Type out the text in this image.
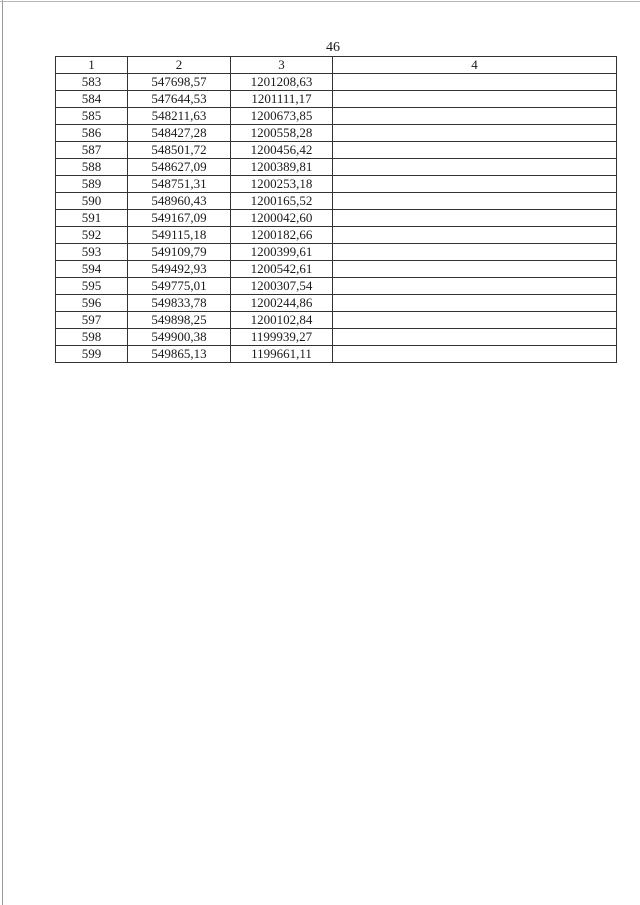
46
1	2	3	4
583	547698,57	1201208,63	
584	547644,53	1201111,17	
585	548211,63	1200673,85	
586	548427,28	1200558,28	
587	548501,72	1200456,42	
588	548627,09	1200389,81	
589	548751,31	1200253,18	
590	548960,43	1200165,52	
591	549167,09	1200042,60	
592	549115,18	1200182,66	
593	549109,79	1200399,61	
594	549492,93	1200542,61	
595	549775,01	1200307,54	
596	549833,78	1200244,86	
597	549898,25	1200102,84	
598	549900,38	1199939,27	
599	549865,13	1199661,11	
